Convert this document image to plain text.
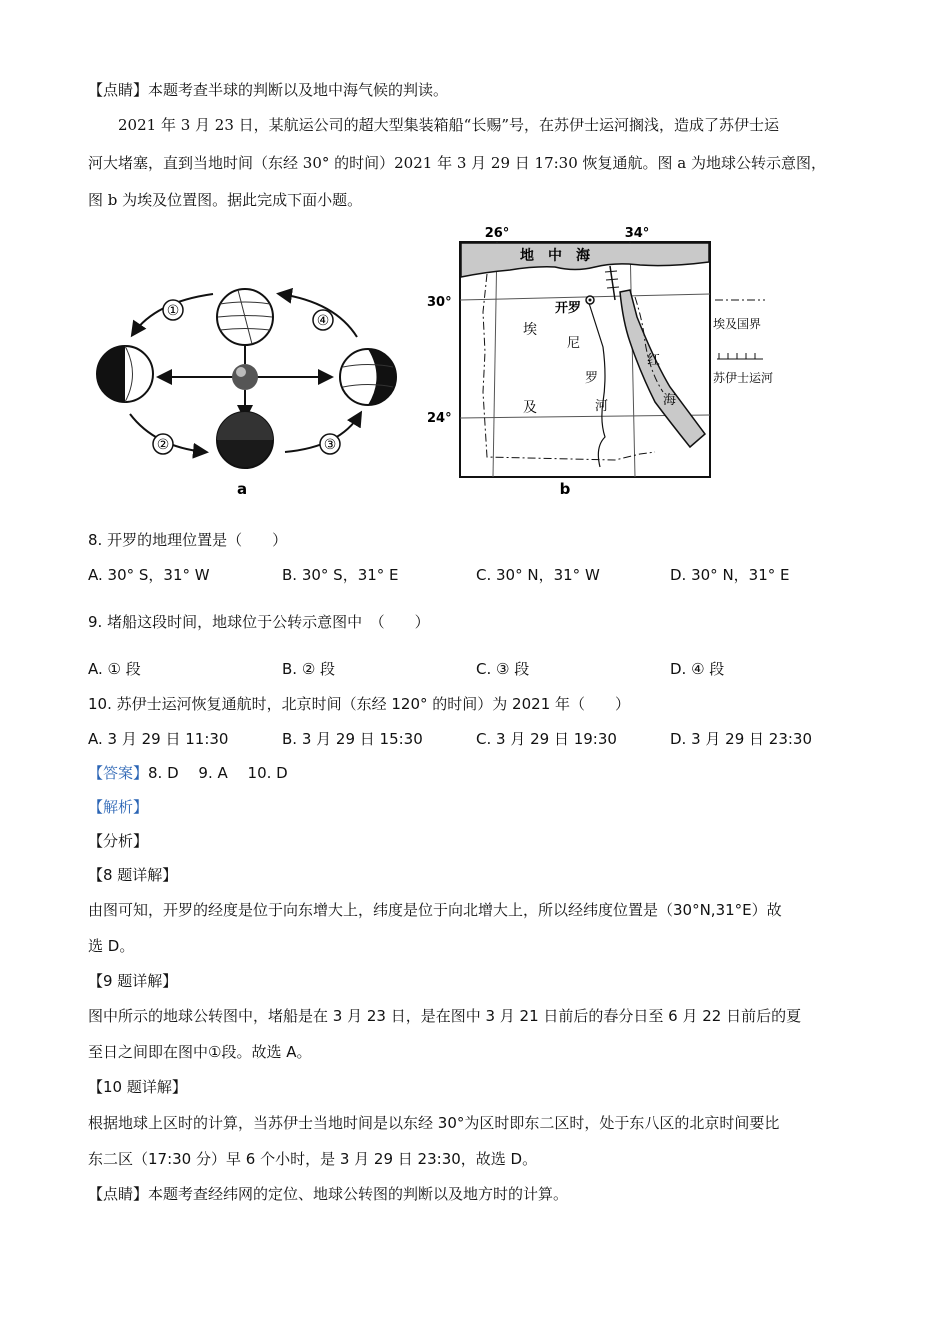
【点睛】本题考查半球的判断以及地中海气候的判读。
2021 年 3 月 23 日，某航运公司的超大型集装箱船“长赐”号，在苏伊士运河搁浅，造成了苏伊士运
河大堵塞，直到当地时间（东经 30° 的时间）2021 年 3 月 29 日 17:30 恢复通航。图 a 为地球公转示意图，
图 b 为埃及位置图。据此完成下面小题。
①
②	③
④
a
26°	34°
30°
24°
地　中　海
开罗
埃
及
尼
罗
河
红
海
埃及国界
苏伊士运河
b
8. 开罗的地理位置是（　　）
A. 30° S，31° W	B. 30° S，31° E	C. 30° N，31° W	D. 30° N，31° E
9. 堵船这段时间，地球位于公转示意图中　（　　）
A. ① 段	B. ② 段	C. ③ 段	D. ④ 段
10. 苏伊士运河恢复通航时，北京时间（东经 120° 的时间）为 2021 年（　　）
A. 3 月 29 日 11:30	B. 3 月 29 日 15:30	C. 3 月 29 日 19:30	D. 3 月 29 日 23:30
【答案】8. D　 9. A　 10. D
【解析】
【分析】
【8 题详解】
由图可知，开罗的经度是位于向东增大上，纬度是位于向北增大上，所以经纬度位置是（30°N,31°E）故
选 D。
【9 题详解】
图中所示的地球公转图中，堵船是在 3 月 23 日，是在图中 3 月 21 日前后的春分日至 6 月 22 日前后的夏
至日之间即在图中①段。故选 A。
【10 题详解】
根据地球上区时的计算，当苏伊士当地时间是以东经 30°为区时即东二区时，处于东八区的北京时间要比
东二区（17:30 分）早 6 个小时，是 3 月 29 日 23:30，故选 D。
【点睛】本题考查经纬网的定位、地球公转图的判断以及地方时的计算。
